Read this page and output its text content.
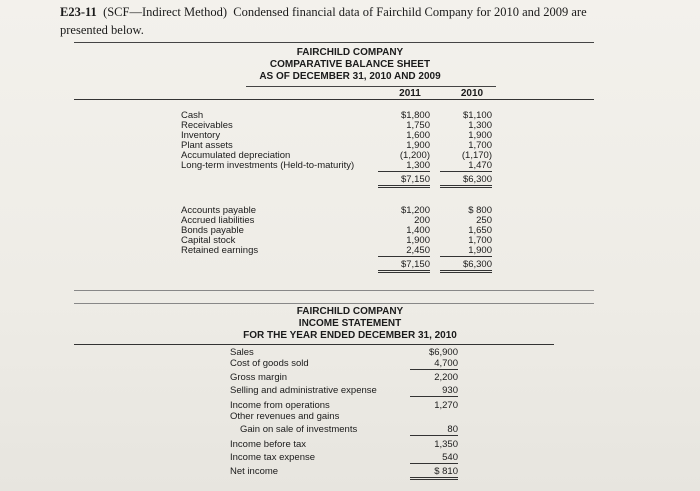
E23-11 (SCF—Indirect Method) Condensed financial data of Fairchild Company for 2010 and 2009 are
presented below.
FAIRCHILD COMPANY
COMPARATIVE BALANCE SHEET
AS OF DECEMBER 31, 2010 AND 2009
2011	2010
FAIRCHILD COMPANY
INCOME STATEMENT
FOR THE YEAR ENDED DECEMBER 31, 2010
Cash	$1,800	$1,100
Receivables	1,750	1,300
Inventory	1,600	1,900
Plant assets	1,900	1,700
Accumulated depreciation	(1,200)	(1,170)
Long-term investments (Held-to-maturity)	1,300	1,470
$7,150	$6,300
Accounts payable	$1,200	$ 800
Accrued liabilities	200	250
Bonds payable	1,400	1,650
Capital stock	1,900	1,700
Retained earnings	2,450	1,900
$7,150	$6,300
Sales	$6,900
Cost of goods sold	4,700
Gross margin	2,200
Selling and administrative expense	930
Income from operations	1,270
Other revenues and gains
Gain on sale of investments	80
Income before tax	1,350
Income tax expense	540
Net income	$ 810
